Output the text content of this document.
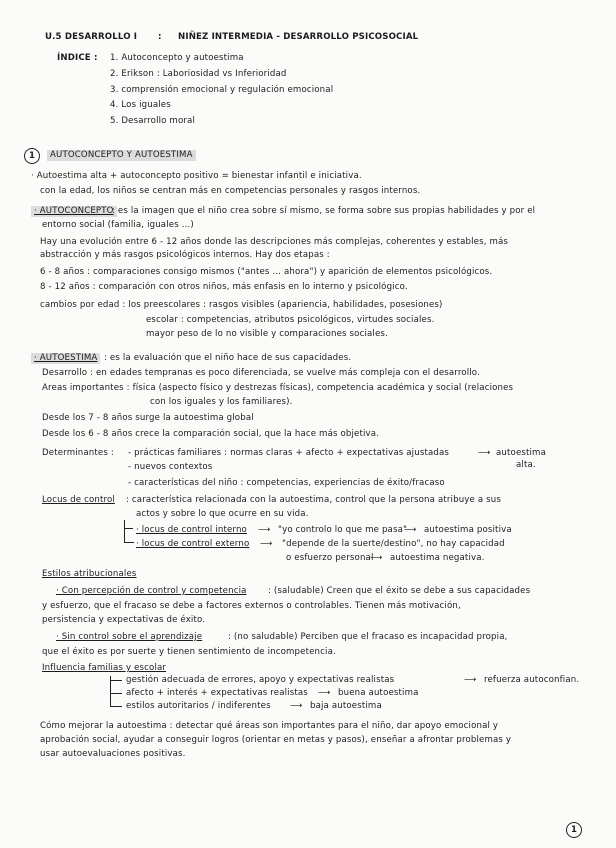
U.5 DESARROLLO I : NIÑEZ INTERMEDIA - DESARROLLO PSICOSOCIAL
ÍNDICE : 1. Autoconcepto y autoestima
2. Erikson : Laboriosidad vs Inferioridad
3. comprensión emocional y regulación emocional
4. Los iguales
5. Desarrollo moral
1	AUTOCONCEPTO Y AUTOESTIMA
· Autoestima alta + autoconcepto positivo = bienestar infantil e iniciativa.
con la edad, los niños se centran más en competencias personales y rasgos internos.
· AUTOCONCEPTO
: es la imagen que el niño crea sobre sí mismo, se forma sobre sus propias habilidades y por el
entorno social (familia, iguales ...)
Hay una evolución entre 6 - 12 años donde las descripciones más complejas, coherentes y estables, más
abstracción y más rasgos psicológicos internos. Hay dos etapas :
6 - 8 años : comparaciones consigo mismos ("antes ... ahora") y aparición de elementos psicológicos.
8 - 12 años : comparación con otros niños, más enfasis en lo interno y psicológico.
cambios por edad : los preescolares : rasgos visibles (apariencia, habilidades, posesiones)
escolar : competencias, atributos psicológicos, virtudes sociales.
mayor peso de lo no visible y comparaciones sociales.
· AUTOESTIMA : es la evaluación que el niño hace de sus capacidades.
Desarrollo : en edades tempranas es poco diferenciada, se vuelve más compleja con el desarrollo.
Areas importantes : física (aspecto físico y destrezas físicas), competencia académica y social (relaciones
con los iguales y los familiares).
Desde los 7 - 8 años surge la autoestima global
Desde los 6 - 8 años crece la comparación social, que la hace más objetiva.
Determinantes : - prácticas familiares : normas claras + afecto + expectativas ajustadas	⟶ autoestima
alta.
- nuevos contextos
- características del niño : competencias, experiencias de éxito/fracaso
Locus de control : característica relacionada con la autoestima, control que la persona atribuye a sus
actos y sobre lo que ocurre en su vida.
· locus de control interno ⟶ "yo controlo lo que me pasa"
⟶ autoestima positiva
· locus de control externo ⟶ "depende de la suerte/destino", no hay capacidad
o esfuerzo personal
⟶ autoestima negativa.
Estilos atribucionales
· Con percepción de control y competencia : (saludable) Creen que el éxito se debe a sus capacidades
y esfuerzo, que el fracaso se debe a factores externos o controlables. Tienen más motivación,
persistencia y expectativas de éxito.
· Sin control sobre el aprendizaje	: (no saludable) Perciben que el fracaso es incapacidad propia,
que el éxito es por suerte y tienen sentimiento de incompetencia.
Influencia familias y escolar
gestión adecuada de errores, apoyo y expectativas realistas	⟶ refuerza autoconfian.
afecto + interés + expectativas realistas ⟶ buena autoestima
estilos autoritarios / indiferentes ⟶ baja autoestima
Cómo mejorar la autoestima : detectar qué áreas son importantes para el niño, dar apoyo emocional y
aprobación social, ayudar a conseguir logros (orientar en metas y pasos), enseñar a afrontar problemas y
usar autoevaluaciones positivas.
1
